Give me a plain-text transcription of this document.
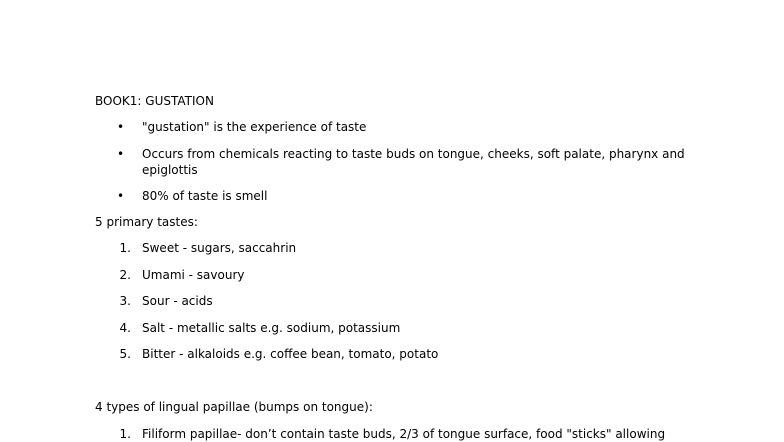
BOOK1: GUSTATION
• "gustation" is the experience of taste
• Occurs from chemicals reacting to taste buds on tongue, cheeks, soft palate, pharynx and epiglottis
• 80% of taste is smell

5 primary tastes:

1. Sweet - sugars, saccahrin
2. Umami - savoury
3. Sour - acids
4. Salt - metallic salts e.g. sodium, potassium
5. Bitter - alkaloids e.g. coffee bean, tomato, potato

4 types of lingual papillae (bumps on tongue):

1. Filiform papillae- don’t contain taste buds, 2/3 of tongue surface, food "sticks" allowing
